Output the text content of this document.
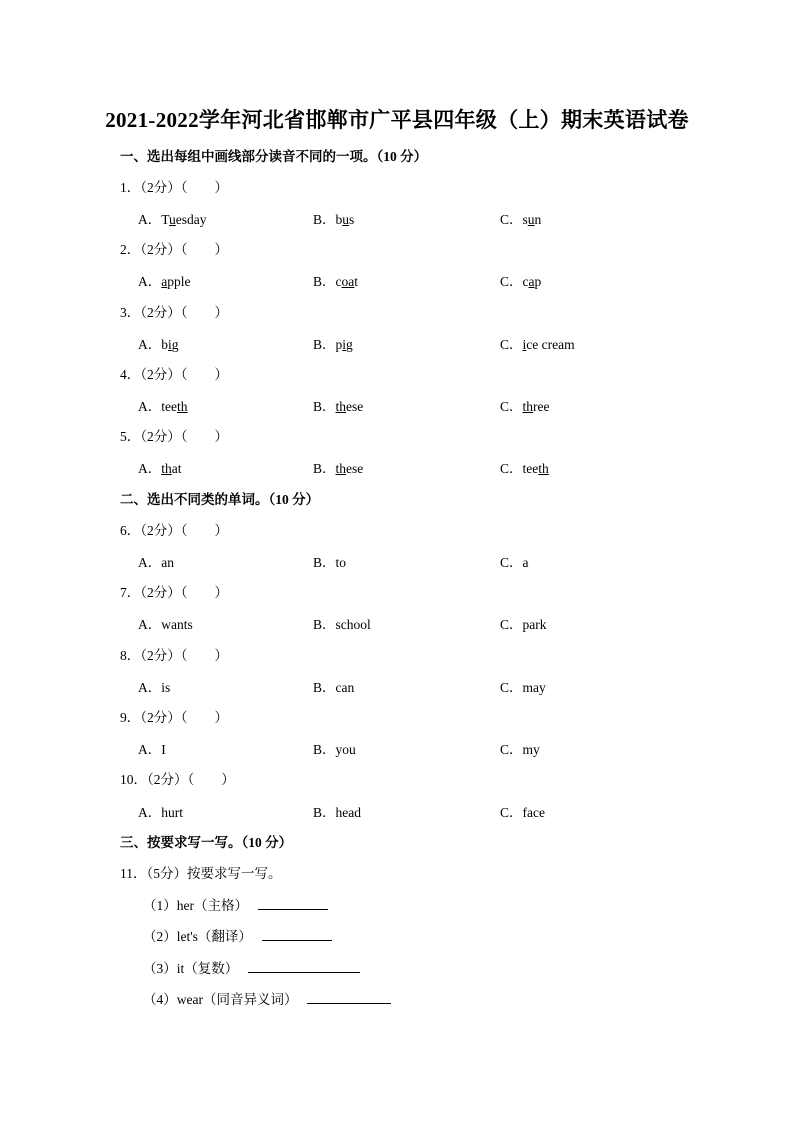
2021-2022学年河北省邯郸市广平县四年级（上）期末英语试卷
一、选出每组中画线部分读音不同的一项。（10 分）
1．（2分）（　　）
A．Tuesday	B．bus	C．sun
2．（2分）（　　）
A．apple	B．coat	C．cap
3．（2分）（　　）
A．big	B．pig	C．ice cream
4．（2分）（　　）
A．teeth	B．these	C．three
5．（2分）（　　）
A．that	B．these	C．teeth
二、选出不同类的单词。（10 分）
6．（2分）（　　）
A．an	B．to	C．a
7．（2分）（　　）
A．wants	B．school	C．park
8．（2分）（　　）
A．is	B．can	C．may
9．（2分）（　　）
A．I	B．you	C．my
10．（2分）（　　）
A．hurt	B．head	C．face
三、按要求写一写。（10 分）
11．（5分）按要求写一写。
（1）her（主格）
（2）let's（翻译）
（3）it（复数）
（4）wear（同音异义词）
